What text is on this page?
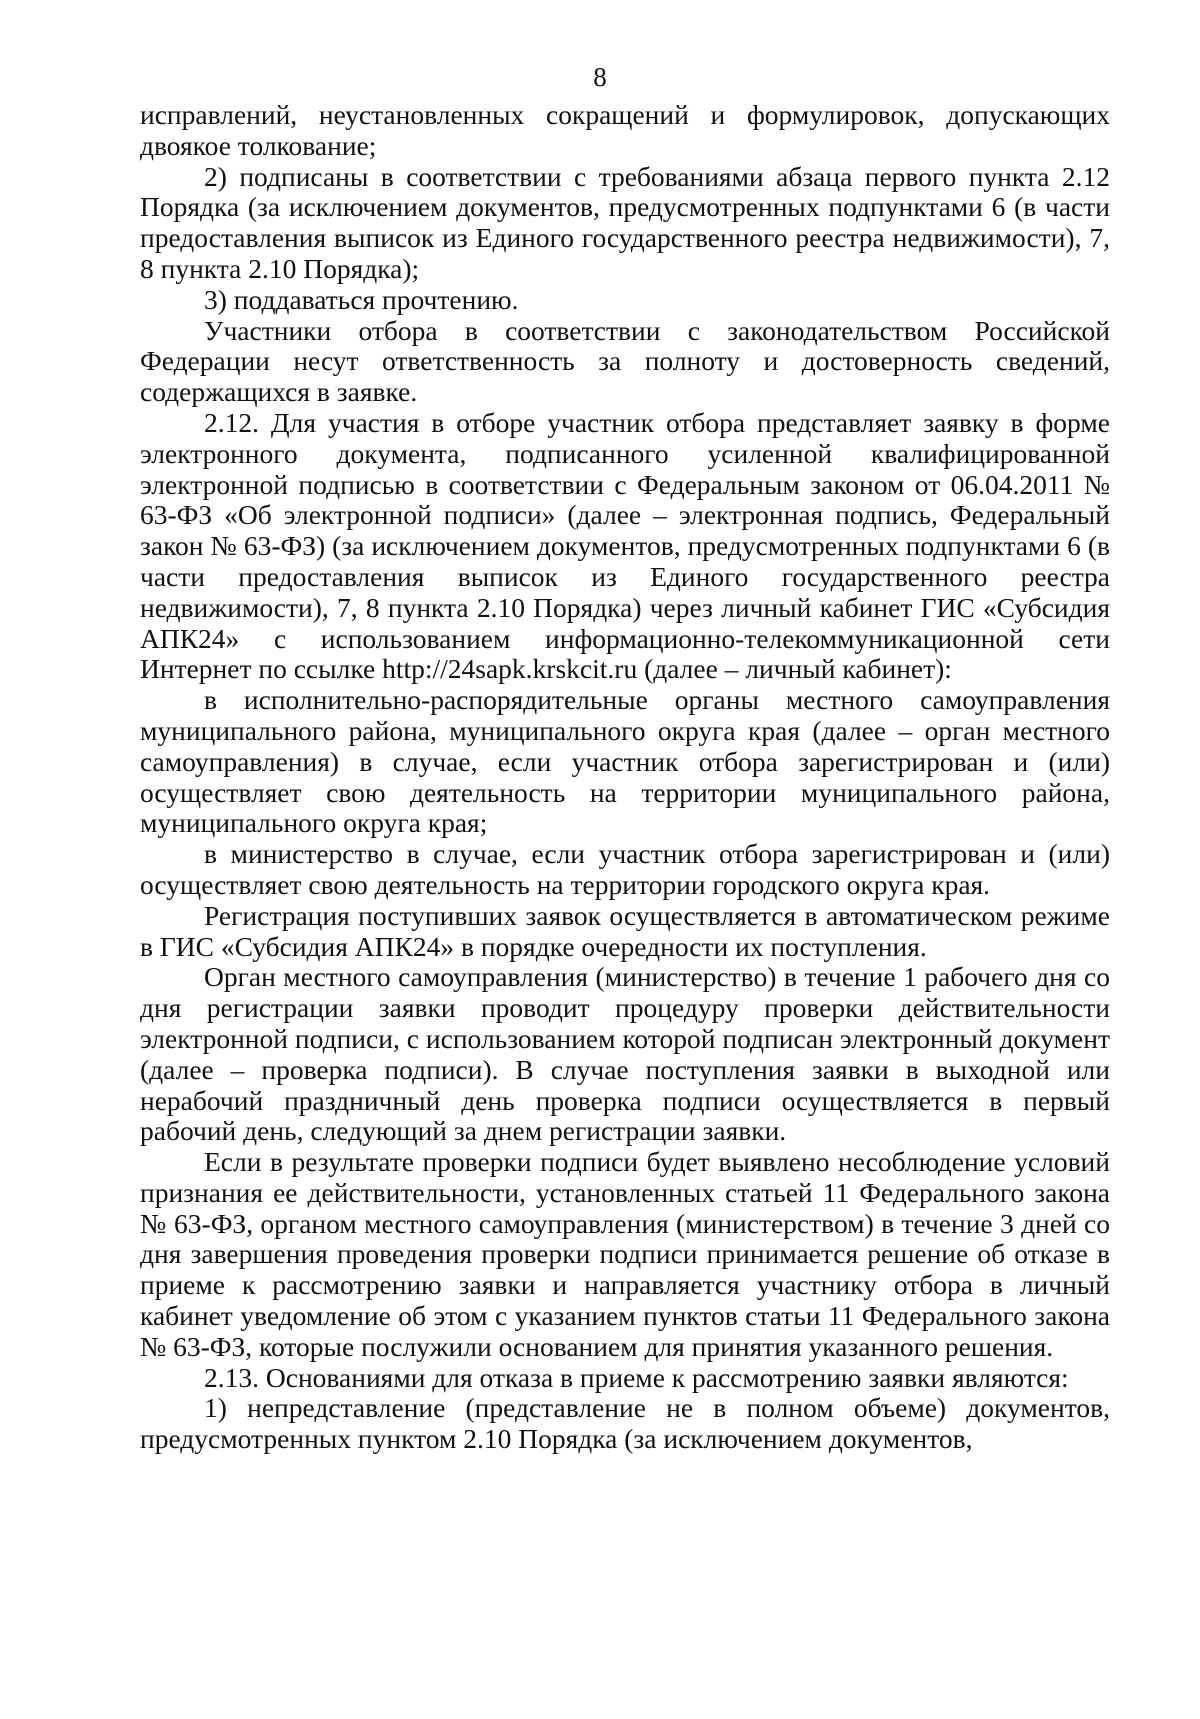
8

исправлений, неустановленных сокращений и формулировок, допускающих двоякое толкование;

2) подписаны в соответствии с требованиями абзаца первого пункта 2.12 Порядка (за исключением документов, предусмотренных подпунктами 6 (в части предоставления выписок из Единого государственного реестра недвижимости), 7, 8 пункта 2.10 Порядка);

3) поддаваться прочтению.

Участники отбора в соответствии с законодательством Российской Федерации несут ответственность за полноту и достоверность сведений, содержащихся в заявке.

2.12. Для участия в отборе участник отбора представляет заявку в форме электронного документа, подписанного усиленной квалифицированной электронной подписью в соответствии с Федеральным законом от 06.04.2011 № 63-ФЗ «Об электронной подписи» (далее – электронная подпись, Федеральный закон № 63-ФЗ) (за исключением документов, предусмотренных подпунктами 6 (в части предоставления выписок из Единого государственного реестра недвижимости), 7, 8 пункта 2.10 Порядка) через личный кабинет ГИС «Субсидия АПК24» с использованием информационно-телекоммуникационной сети Интернет по ссылке http://24sapk.krskcit.ru (далее – личный кабинет):

в исполнительно-распорядительные органы местного самоуправления муниципального района, муниципального округа края (далее – орган местного самоуправления) в случае, если участник отбора зарегистрирован и (или) осуществляет свою деятельность на территории муниципального района, муниципального округа края;

в министерство в случае, если участник отбора зарегистрирован и (или) осуществляет свою деятельность на территории городского округа края.

Регистрация поступивших заявок осуществляется в автоматическом режиме в ГИС «Субсидия АПК24» в порядке очередности их поступления.

Орган местного самоуправления (министерство) в течение 1 рабочего дня со дня регистрации заявки проводит процедуру проверки действительности электронной подписи, с использованием которой подписан электронный документ (далее – проверка подписи). В случае поступления заявки в выходной или нерабочий праздничный день проверка подписи осуществляется в первый рабочий день, следующий за днем регистрации заявки.

Если в результате проверки подписи будет выявлено несоблюдение условий признания ее действительности, установленных статьей 11 Федерального закона № 63-ФЗ, органом местного самоуправления (министерством) в течение 3 дней со дня завершения проведения проверки подписи принимается решение об отказе в приеме к рассмотрению заявки и направляется участнику отбора в личный кабинет уведомление об этом с указанием пунктов статьи 11 Федерального закона № 63-ФЗ, которые послужили основанием для принятия указанного решения.

2.13. Основаниями для отказа в приеме к рассмотрению заявки являются:

1) непредставление (представление не в полном объеме) документов, предусмотренных пунктом 2.10 Порядка (за исключением документов,
